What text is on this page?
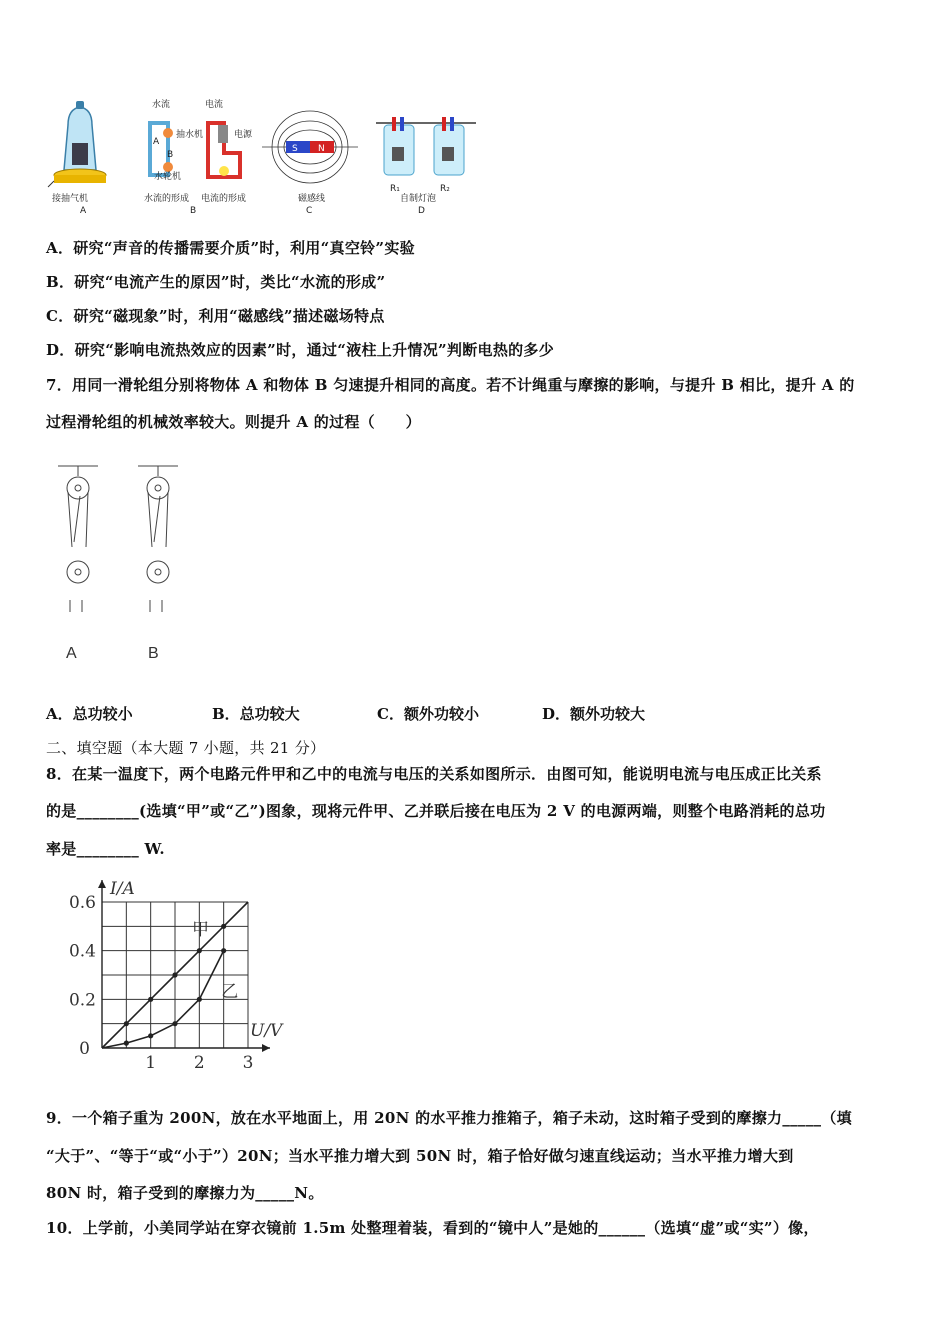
接抽气机
A
水流	电流
抽水机
水轮机
A
B
电源
水流的形成 电流的形成
B
S N
磁感线
C
R₁	R₂
自制灯泡
D
A．研究“声音的传播需要介质”时，利用“真空铃”实验
B．研究“电流产生的原因”时，类比“水流的形成”
C．研究“磁现象”时，利用“磁感线”描述磁场特点
D．研究“影响电流热效应的因素”时，通过“液柱上升情况”判断电热的多少
7．用同一滑轮组分别将物体 A 和物体 B 匀速提升相同的高度。若不计绳重与摩擦的影响，与提升 B 相比，提升 A 的
过程滑轮组的机械效率较大。则提升 A 的过程（　　）
A	B
A．总功较小	B．总功较大	C．额外功较小	D．额外功较大
二、填空题（本大题 7 小题，共 21 分）
8．在某一温度下，两个电路元件甲和乙中的电流与电压的关系如图所示．由图可知，能说明电流与电压成正比关系
的是________(选填“甲”或“乙”)图象，现将元件甲、乙并联后接在电压为 2 V 的电源两端，则整个电路消耗的总功
率是________ W.
0.6
0.4
0.2
1 2 3
0
I/A
U/V
甲
乙
9．一个箱子重为 200N，放在水平地面上，用 20N 的水平推力推箱子，箱子未动，这时箱子受到的摩擦力_____（填
“大于”、“等于“或“小于”）20N；当水平推力增大到 50N 时，箱子恰好做匀速直线运动；当水平推力增大到
80N 时，箱子受到的摩擦力为_____N。
10．上学前，小美同学站在穿衣镜前 1.5m 处整理着装，看到的“镜中人”是她的______（选填“虚”或“实”）像，
